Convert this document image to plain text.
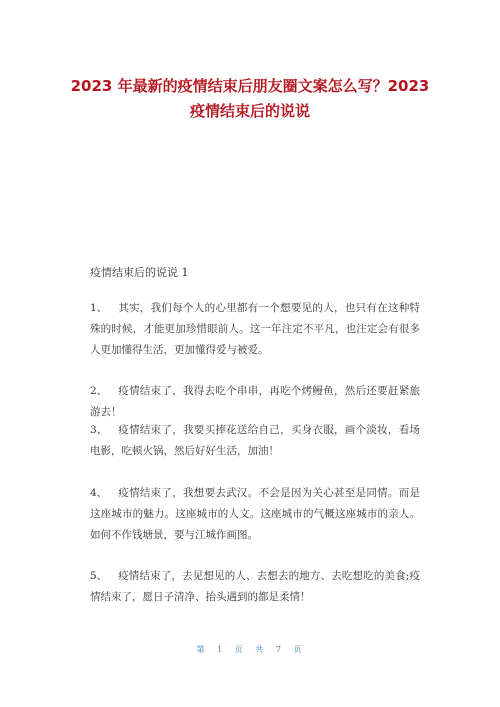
2023 年最新的疫情结束后朋友圈文案怎么写？2023 疫情结束后的说说

疫情结束后的说说 1

1、 其实，我们每个人的心里都有一个想要见的人，也只有在这种特殊的时候，才能更加珍惜眼前人。这一年注定不平凡，也注定会有很多人更加懂得生活，更加懂得爱与被爱。

2、 疫情结束了，我得去吃个串串，再吃个烤鳗鱼，然后还要赶紧旅游去！

3、 疫情结束了，我要买捧花送给自己，买身衣服，画个淡妆，看场电影，吃顿火锅，然后好好生活，加油！

4、 疫情结束了，我想要去武汉。不会是因为关心甚至是同情。而是这座城市的魅力。这座城市的人文。这座城市的气概这座城市的亲人。如何不作钱塘景，要与江城作画图。

5、 疫情结束了，去见想见的人、去想去的地方、去吃想吃的美食;疫情结束了，愿日子清净、抬头遇到的都是柔情！

第 1 页 共 7 页
